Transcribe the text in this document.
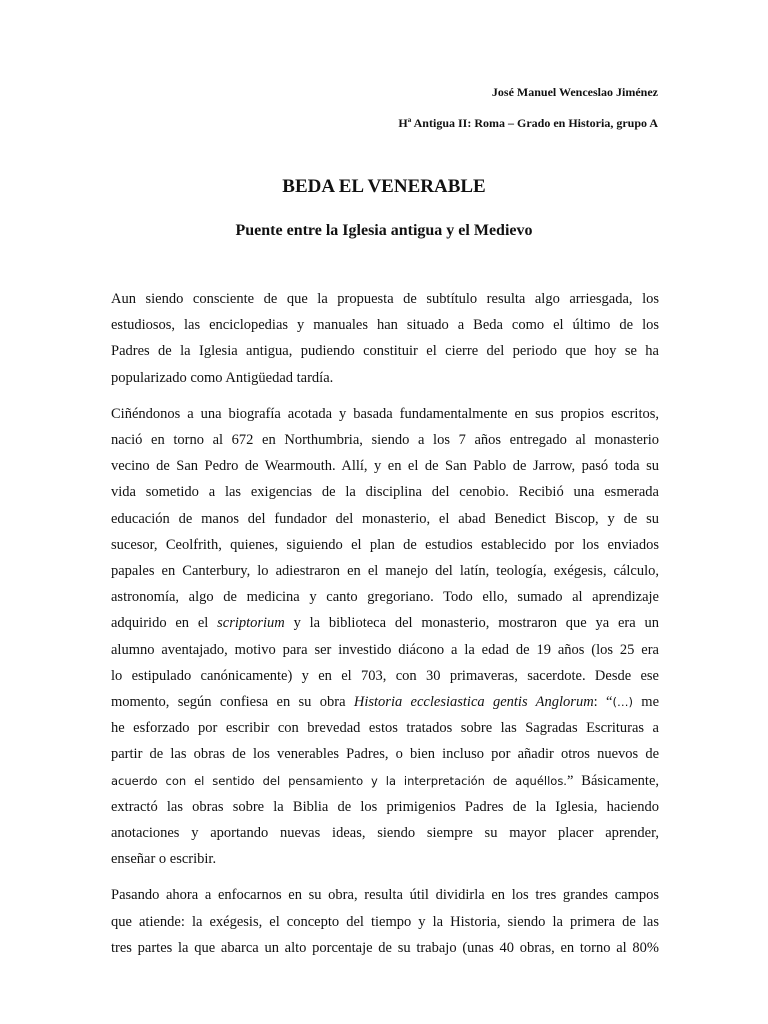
José Manuel Wenceslao Jiménez
Hª Antigua II: Roma – Grado en Historia, grupo A
BEDA EL VENERABLE
Puente entre la Iglesia antigua y el Medievo
Aun siendo consciente de que la propuesta de subtítulo resulta algo arriesgada, los
estudiosos, las enciclopedias y manuales han situado a Beda como el último de los
Padres de la Iglesia antigua, pudiendo constituir el cierre del periodo que hoy se ha
popularizado como Antigüedad tardía.
Ciñéndonos a una biografía acotada y basada fundamentalmente en sus propios escritos,
nació en torno al 672 en Northumbria, siendo a los 7 años entregado al monasterio
vecino de San Pedro de Wearmouth. Allí, y en el de San Pablo de Jarrow, pasó toda su
vida sometido a las exigencias de la disciplina del cenobio. Recibió una esmerada
educación de manos del fundador del monasterio, el abad Benedict Biscop, y de su
sucesor, Ceolfrith, quienes, siguiendo el plan de estudios establecido por los enviados
papales en Canterbury, lo adiestraron en el manejo del latín, teología, exégesis, cálculo,
astronomía, algo de medicina y canto gregoriano. Todo ello, sumado al aprendizaje
adquirido en el scriptorium y la biblioteca del monasterio, mostraron que ya era un
alumno aventajado, motivo para ser investido diácono a la edad de 19 años (los 25 era
lo estipulado canónicamente) y en el 703, con 30 primaveras, sacerdote. Desde ese
momento, según confiesa en su obra Historia ecclesiastica gentis Anglorum: “(…) me
he esforzado por escribir con brevedad estos tratados sobre las Sagradas Escrituras a
partir de las obras de los venerables Padres, o bien incluso por añadir otros nuevos de
acuerdo con el sentido del pensamiento y la interpretación de aquéllos.” Básicamente,
extractó las obras sobre la Biblia de los primigenios Padres de la Iglesia, haciendo
anotaciones y aportando nuevas ideas, siendo siempre su mayor placer aprender,
enseñar o escribir.
Pasando ahora a enfocarnos en su obra, resulta útil dividirla en los tres grandes campos
que atiende: la exégesis, el concepto del tiempo y la Historia, siendo la primera de las
tres partes la que abarca un alto porcentaje de su trabajo (unas 40 obras, en torno al 80%
